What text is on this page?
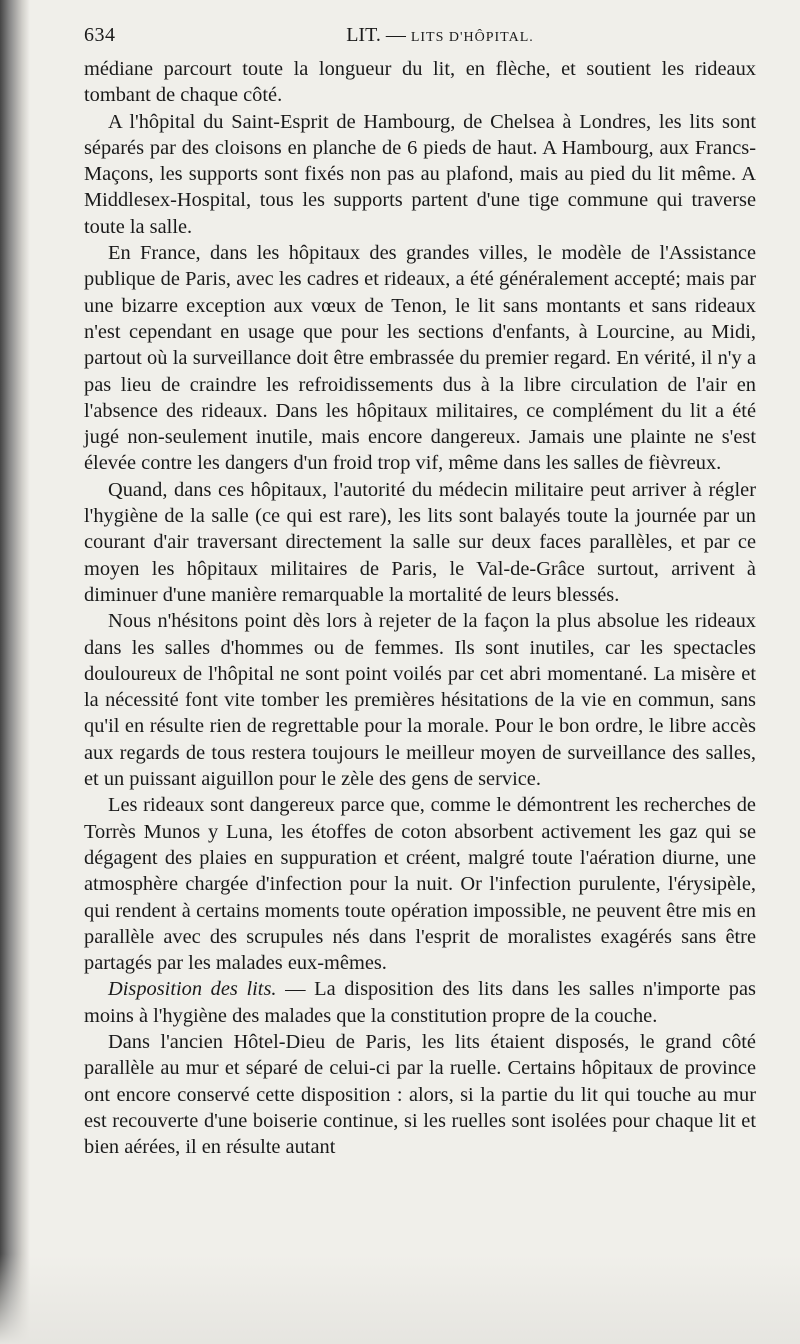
634	LIT. — LITS D'HÔPITAL.

médiane parcourt toute la longueur du lit, en flèche, et soutient les rideaux tombant de chaque côté.

A l'hôpital du Saint-Esprit de Hambourg, de Chelsea à Londres, les lits sont séparés par des cloisons en planche de 6 pieds de haut. A Hambourg, aux Francs-Maçons, les supports sont fixés non pas au plafond, mais au pied du lit même. A Middlesex-Hospital, tous les supports partent d'une tige commune qui traverse toute la salle.

En France, dans les hôpitaux des grandes villes, le modèle de l'Assistance publique de Paris, avec les cadres et rideaux, a été généralement accepté; mais par une bizarre exception aux vœux de Tenon, le lit sans montants et sans rideaux n'est cependant en usage que pour les sections d'enfants, à Lourcine, au Midi, partout où la surveillance doit être embrassée du premier regard. En vérité, il n'y a pas lieu de craindre les refroidissements dus à la libre circulation de l'air en l'absence des rideaux. Dans les hôpitaux militaires, ce complément du lit a été jugé non-seulement inutile, mais encore dangereux. Jamais une plainte ne s'est élevée contre les dangers d'un froid trop vif, même dans les salles de fièvreux.

Quand, dans ces hôpitaux, l'autorité du médecin militaire peut arriver à régler l'hygiène de la salle (ce qui est rare), les lits sont balayés toute la journée par un courant d'air traversant directement la salle sur deux faces parallèles, et par ce moyen les hôpitaux militaires de Paris, le Val-de-Grâce surtout, arrivent à diminuer d'une manière remarquable la mortalité de leurs blessés.

Nous n'hésitons point dès lors à rejeter de la façon la plus absolue les rideaux dans les salles d'hommes ou de femmes. Ils sont inutiles, car les spectacles douloureux de l'hôpital ne sont point voilés par cet abri momentané. La misère et la nécessité font vite tomber les premières hésitations de la vie en commun, sans qu'il en résulte rien de regrettable pour la morale. Pour le bon ordre, le libre accès aux regards de tous restera toujours le meilleur moyen de surveillance des salles, et un puissant aiguillon pour le zèle des gens de service.

Les rideaux sont dangereux parce que, comme le démontrent les recherches de Torrès Munos y Luna, les étoffes de coton absorbent activement les gaz qui se dégagent des plaies en suppuration et créent, malgré toute l'aération diurne, une atmosphère chargée d'infection pour la nuit. Or l'infection purulente, l'érysipèle, qui rendent à certains moments toute opération impossible, ne peuvent être mis en parallèle avec des scrupules nés dans l'esprit de moralistes exagérés sans être partagés par les malades eux-mêmes.

Disposition des lits. — La disposition des lits dans les salles n'importe pas moins à l'hygiène des malades que la constitution propre de la couche.

Dans l'ancien Hôtel-Dieu de Paris, les lits étaient disposés, le grand côté parallèle au mur et séparé de celui-ci par la ruelle. Certains hôpitaux de province ont encore conservé cette disposition : alors, si la partie du lit qui touche au mur est recouverte d'une boiserie continue, si les ruelles sont isolées pour chaque lit et bien aérées, il en résulte autant
